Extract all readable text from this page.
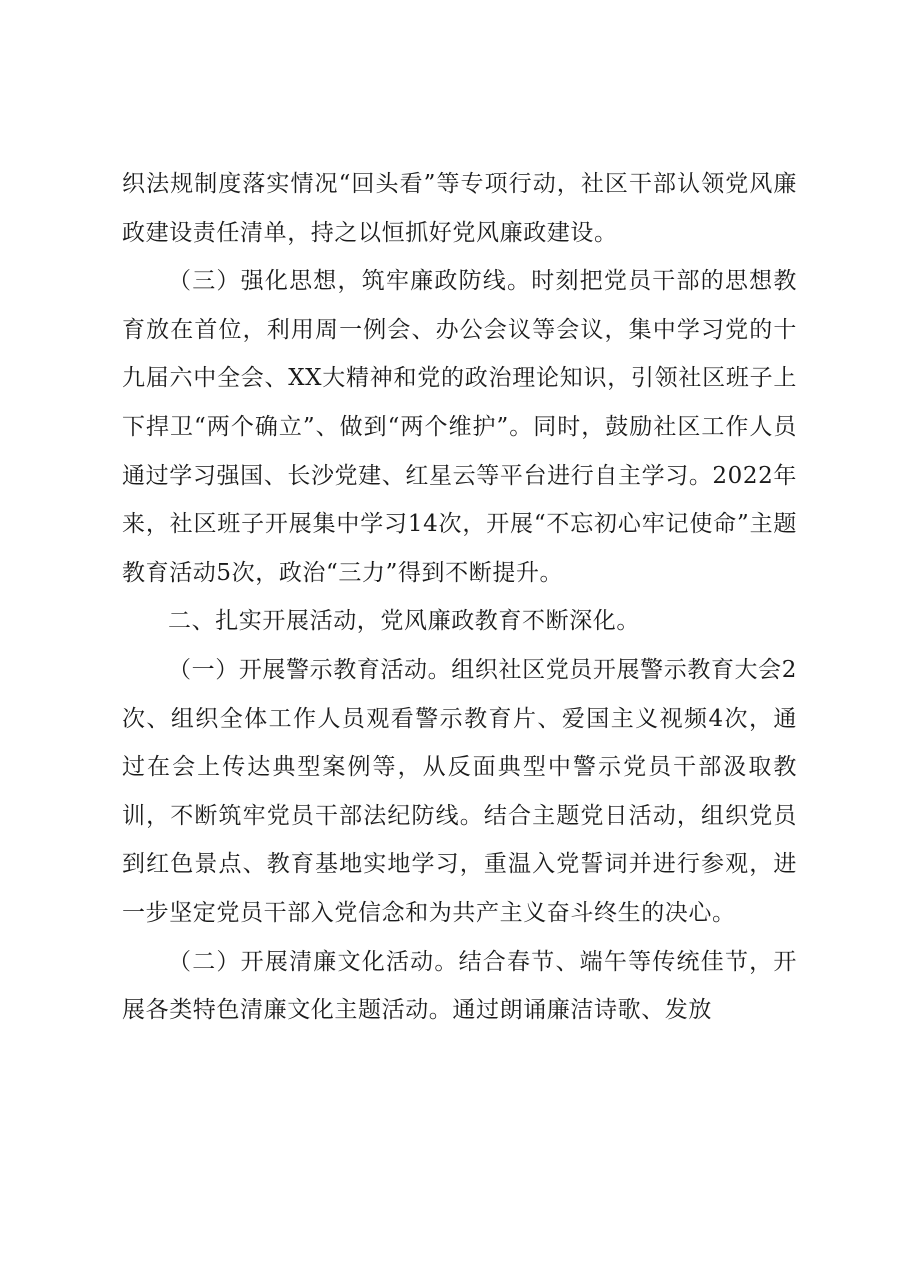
织法规制度落实情况“回头看”等专项行动，社区干部认领党风廉政建设责任清单，持之以恒抓好党风廉政建设。

（三）强化思想，筑牢廉政防线。时刻把党员干部的思想教育放在首位，利用周一例会、办公会议等会议，集中学习党的十九届六中全会、XX大精神和党的政治理论知识，引领社区班子上下捍卫“两个确立”、做到“两个维护”。同时，鼓励社区工作人员通过学习强国、长沙党建、红星云等平台进行自主学习。2022年来，社区班子开展集中学习14次，开展“不忘初心牢记使命”主题教育活动5次，政治“三力”得到不断提升。

二、扎实开展活动，党风廉政教育不断深化。

（一）开展警示教育活动。组织社区党员开展警示教育大会2次、组织全体工作人员观看警示教育片、爱国主义视频4次，通过在会上传达典型案例等，从反面典型中警示党员干部汲取教训，不断筑牢党员干部法纪防线。结合主题党日活动，组织党员到红色景点、教育基地实地学习，重温入党誓词并进行参观，进一步坚定党员干部入党信念和为共产主义奋斗终生的决心。

（二）开展清廉文化活动。结合春节、端午等传统佳节，开展各类特色清廉文化主题活动。通过朗诵廉洁诗歌、发放
